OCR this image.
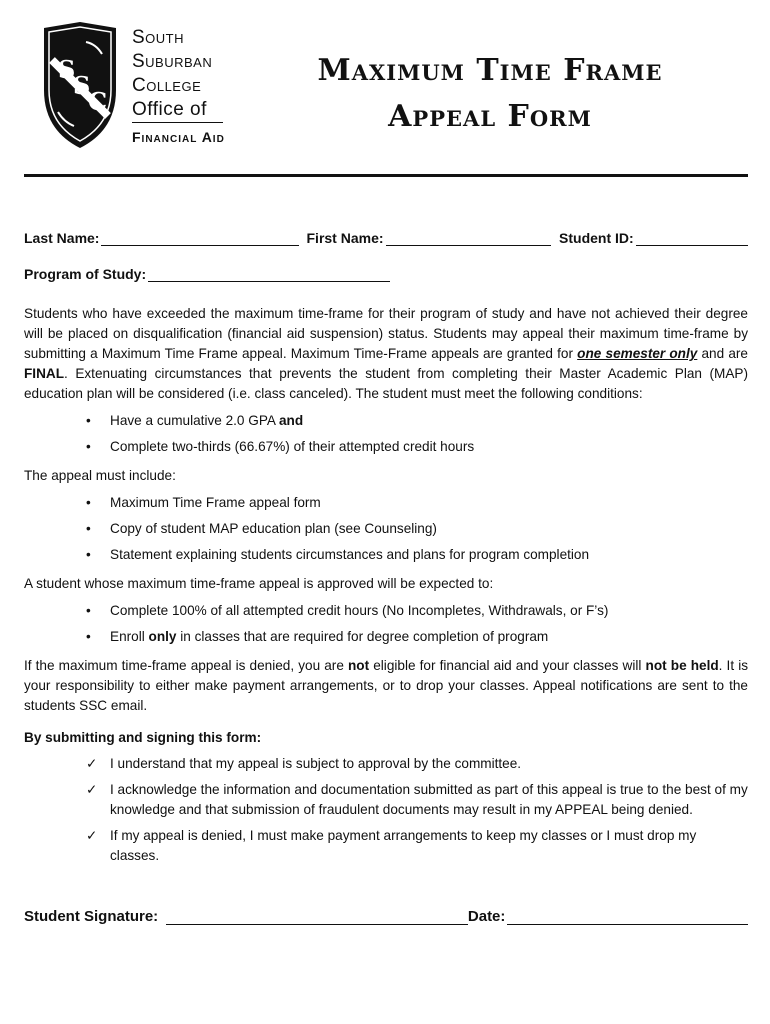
S
S
C
South
Suburban
College
Office of
Financial Aid
Maximum Time Frame
Appeal Form
Last Name:	First Name:	Student ID:
Program of Study:

Students who have exceeded the maximum time-frame for their program of study and have not achieved their degree will be placed on disqualification (financial aid suspension) status. Students may appeal their maximum time-frame by submitting a Maximum Time Frame appeal. Maximum Time-Frame appeals are granted for one semester only and are FINAL. Extenuating circumstances that prevents the student from completing their Master Academic Plan (MAP) education plan will be considered (i.e. class canceled). The student must meet the following conditions:

• Have a cumulative 2.0 GPA and
• Complete two-thirds (66.67%) of their attempted credit hours

The appeal must include:

• Maximum Time Frame appeal form
• Copy of student MAP education plan (see Counseling)
• Statement explaining students circumstances and plans for program completion

A student whose maximum time-frame appeal is approved will be expected to:

• Complete 100% of all attempted credit hours (No Incompletes, Withdrawals, or F’s)
• Enroll only in classes that are required for degree completion of program

If the maximum time-frame appeal is denied, you are not eligible for financial aid and your classes will not be held. It is your responsibility to either make payment arrangements, or to drop your classes. Appeal notifications are sent to the students SSC email.

By submitting and signing this form:

✓ I understand that my appeal is subject to approval by the committee.
✓ I acknowledge the information and documentation submitted as part of this appeal is true to the best of my knowledge and that submission of fraudulent documents may result in my APPEAL being denied.
✓ If my appeal is denied, I must make payment arrangements to keep my classes or I must drop my classes.
Student Signature:	Date:
